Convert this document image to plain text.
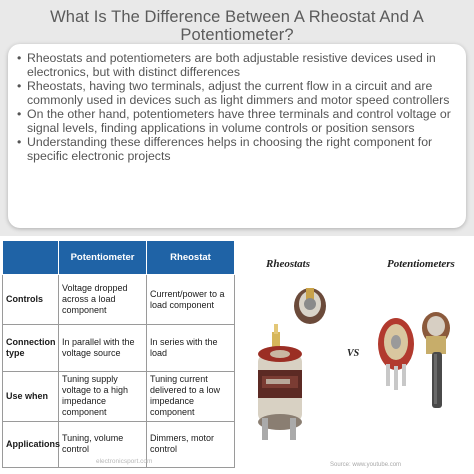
What Is The Difference Between A Rheostat And A Potentiometer?
• Rheostats and potentiometers are both adjustable resistive devices used in electronics, but with distinct differences
• Rheostats, having two terminals, adjust the current flow in a circuit and are commonly used in devices such as light dimmers and motor speed controllers
• On the other hand, potentiometers have three terminals and control voltage or signal levels, finding applications in volume controls or position sensors
• Understanding these differences helps in choosing the right component for specific electronic projects
	Potentiometer	Rheostat
Controls	Voltage dropped across a load component	Current/power to a load component
Connection type	In parallel with the voltage source	In series with the load
Use when	Tuning supply voltage to a high impedance component	Tuning current delivered to a low impedance component
Applications	Tuning, volume control	Dimmers, motor control
electronicsport.com
Rheostats	Potentiometers
VS
Source: www.youtube.com
